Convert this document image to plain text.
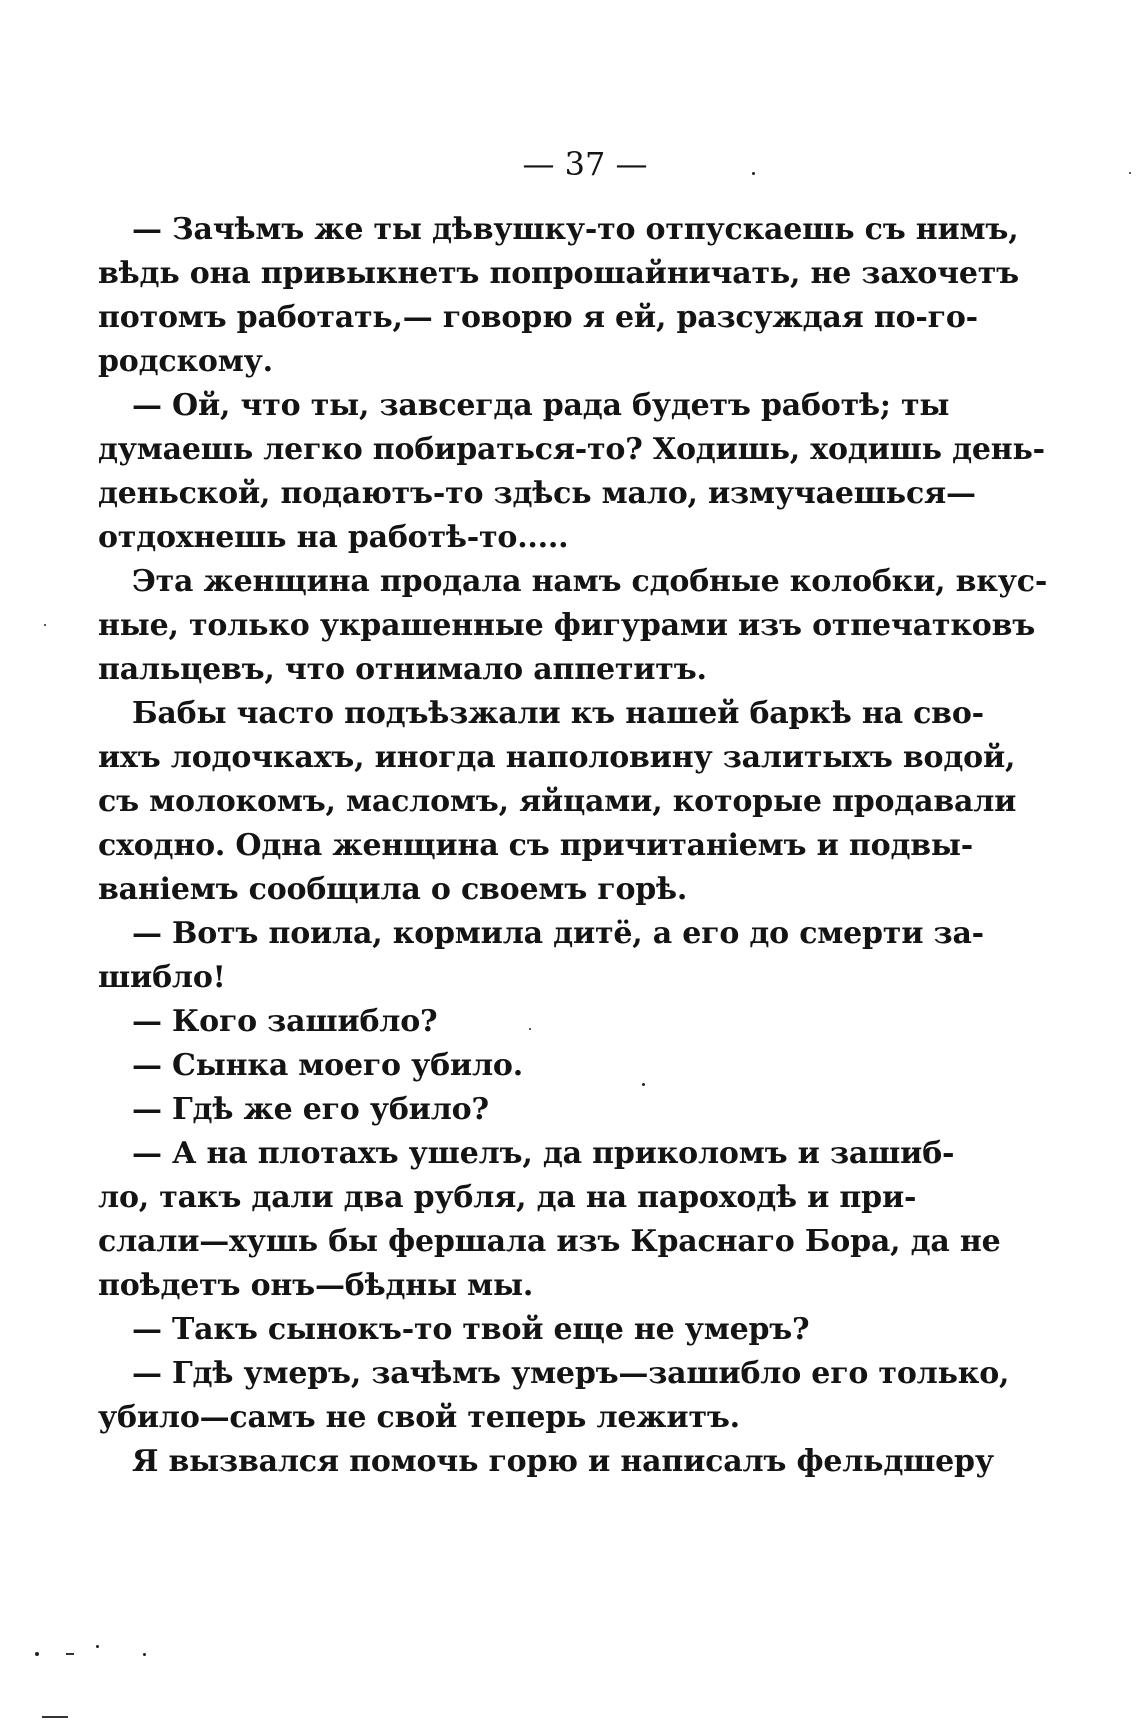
— 37 —
— Зачѣмъ же ты дѣвушку-то отпускаешь съ нимъ,
вѣдь она привыкнетъ попрошайничать, не захочетъ
потомъ работать,— говорю я ей, разсуждая по-го-
родскому.
— Ой, что ты, завсегда рада будетъ работѣ; ты
думаешь легко побираться-то? Ходишь, ходишь день-
деньской, подаютъ-то здѣсь мало, измучаешься—
отдохнешь на работѣ-то.....
Эта женщина продала намъ сдобные колобки, вкус-
ные, только украшенные фигурами изъ отпечатковъ
пальцевъ, что отнимало аппетитъ.
Бабы часто подъѣзжали къ нашей баркѣ на сво-
ихъ лодочкахъ, иногда наполовину залитыхъ водой,
съ молокомъ, масломъ, яйцами, которые продавали
сходно. Одна женщина съ причитаніемъ и подвы-
ваніемъ сообщила о своемъ горѣ.
— Вотъ поила, кормила дитё, а его до смерти за-
шибло!
— Кого зашибло?
— Сынка моего убило.
— Гдѣ же его убило?
— А на плотахъ ушелъ, да приколомъ и зашиб-
ло, такъ дали два рубля, да на пароходѣ и при-
слали—хушь бы фершала изъ Краснаго Бора, да не
поѣдетъ онъ—бѣдны мы.
— Такъ сынокъ-то твой еще не умеръ?
— Гдѣ умеръ, зачѣмъ умеръ—зашибло его только,
убило—самъ не свой теперь лежитъ.
Я вызвался помочь горю и написалъ фельдшеру
